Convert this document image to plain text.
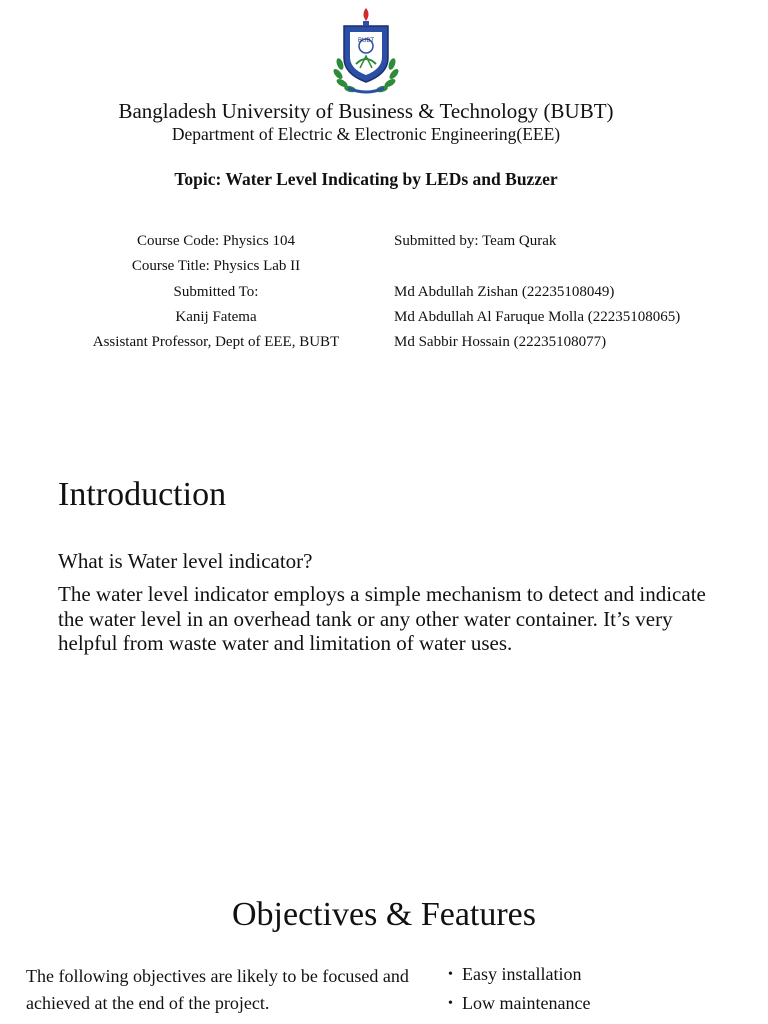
BUBT
Bangladesh University of Business & Technology (BUBT)
Department of Electric & Electronic Engineering(EEE)
Topic: Water Level Indicating by LEDs and Buzzer
Course Code: Physics 104
Course Title: Physics Lab II
Submitted To:
Kanij Fatema
Assistant Professor, Dept of EEE, BUBT
Submitted by: Team Qurak
Md Abdullah Zishan (22235108049)
Md Abdullah Al Faruque Molla (22235108065)
Md Sabbir Hossain (22235108077)
Introduction
What is Water level indicator?
The water level indicator employs a simple mechanism to detect and indicate the water level in an overhead tank or any other water container. It’s very helpful from waste water and limitation of water uses.
Objectives & Features
The following objectives are likely to be focused and achieved at the end of the project.
• Easy installation
• Low maintenance
